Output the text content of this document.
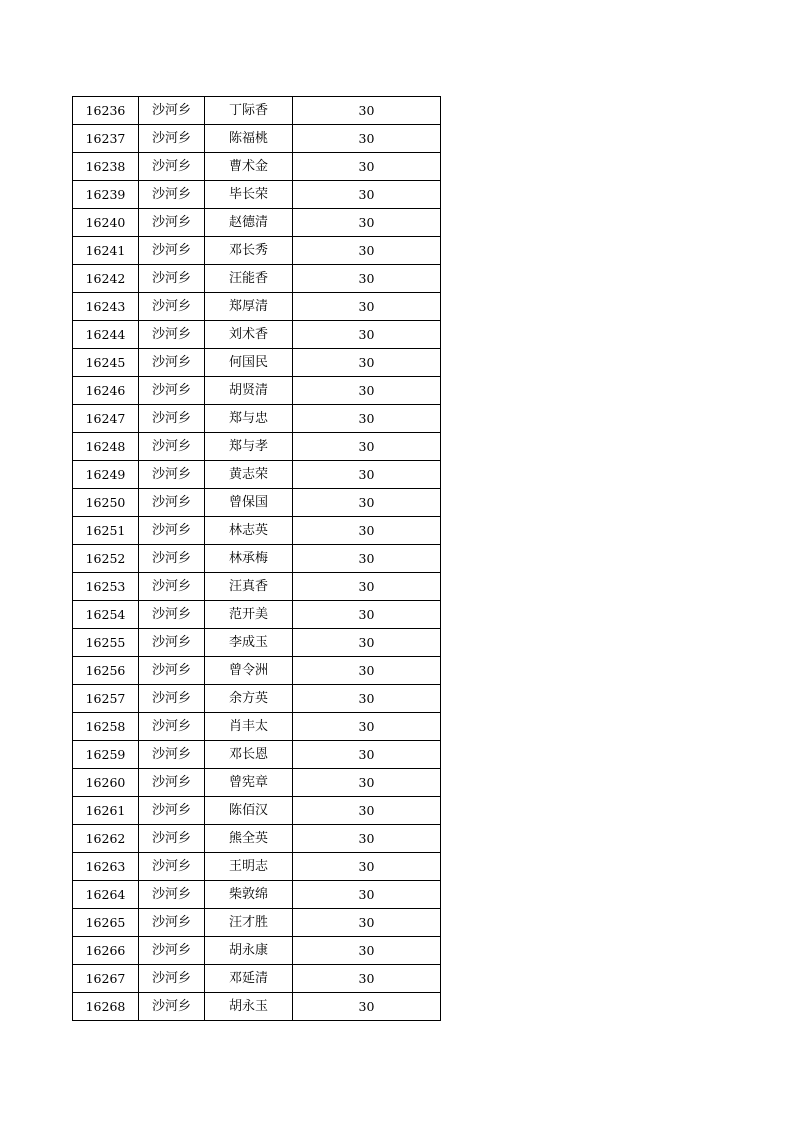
16236	沙河乡	丁际香	30
16237	沙河乡	陈福桃	30
16238	沙河乡	曹术金	30
16239	沙河乡	毕长荣	30
16240	沙河乡	赵德清	30
16241	沙河乡	邓长秀	30
16242	沙河乡	汪能香	30
16243	沙河乡	郑厚清	30
16244	沙河乡	刘术香	30
16245	沙河乡	何国民	30
16246	沙河乡	胡贤清	30
16247	沙河乡	郑与忠	30
16248	沙河乡	郑与孝	30
16249	沙河乡	黄志荣	30
16250	沙河乡	曾保国	30
16251	沙河乡	林志英	30
16252	沙河乡	林承梅	30
16253	沙河乡	汪真香	30
16254	沙河乡	范开美	30
16255	沙河乡	李成玉	30
16256	沙河乡	曾令洲	30
16257	沙河乡	余方英	30
16258	沙河乡	肖丰太	30
16259	沙河乡	邓长恩	30
16260	沙河乡	曾宪章	30
16261	沙河乡	陈佰汉	30
16262	沙河乡	熊全英	30
16263	沙河乡	王明志	30
16264	沙河乡	柴敦绵	30
16265	沙河乡	汪才胜	30
16266	沙河乡	胡永康	30
16267	沙河乡	邓延清	30
16268	沙河乡	胡永玉	30
